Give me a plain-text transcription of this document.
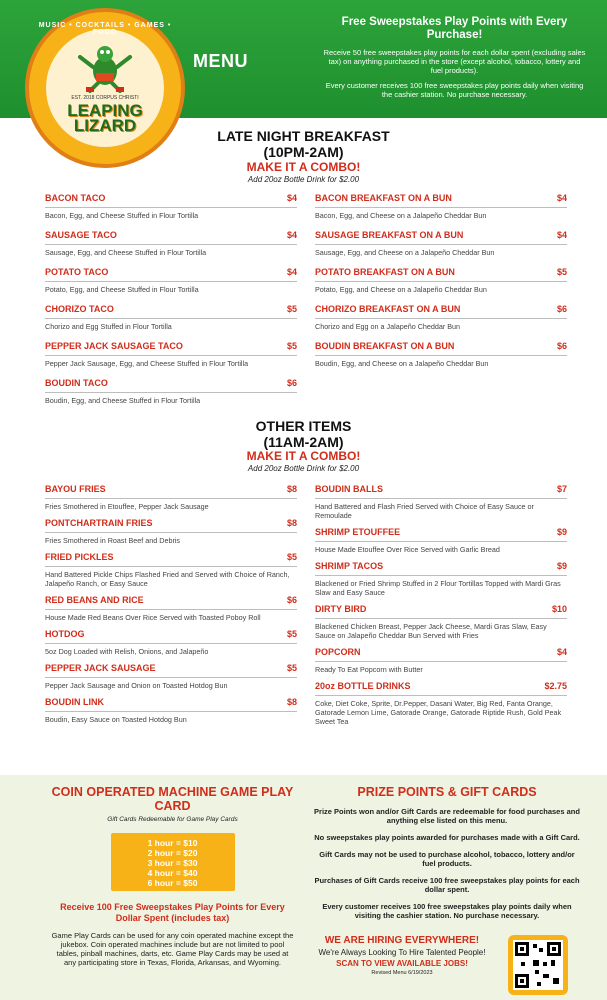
MENU
Free Sweepstakes Play Points with Every Purchase!

Receive 50 free sweepstakes play points for each dollar spent (excluding sales tax) on anything purchased in the store (except alcohol, tobacco, lottery and fuel products).

Every customer receives 100 free sweepstakes play points daily when visiting the cashier station. No purchase necessary.

MUSIC • COCKTAILS • GAMES • FOOD
EST. 2018 CORPUS CHRISTI
LEAPING
LIZARD
LATE NIGHT BREAKFAST
(10PM-2AM)
MAKE IT A COMBO!
Add 20oz Bottle Drink for $2.00
BACON TACO	$4
Bacon, Egg, and Cheese Stuffed in Flour Tortilla
SAUSAGE TACO	$4
Sausage, Egg, and Cheese Stuffed in Flour Tortilla
POTATO TACO	$4
Potato, Egg, and Cheese Stuffed in Flour Tortilla
CHORIZO TACO	$5
Chorizo and Egg Stuffed in Flour Tortilla
PEPPER JACK SAUSAGE TACO	$5
Pepper Jack Sausage, Egg, and Cheese Stuffed in Flour Tortilla
BOUDIN TACO	$6
Boudin, Egg, and Cheese Stuffed in Flour Tortilla
BACON BREAKFAST ON A BUN	$4
Bacon, Egg, and Cheese on a Jalapeño Cheddar Bun
SAUSAGE BREAKFAST ON A BUN	$4
Sausage, Egg, and Cheese on a Jalapeño Cheddar Bun
POTATO BREAKFAST ON A BUN	$5
Potato, Egg, and Cheese on a Jalapeño Cheddar Bun
CHORIZO BREAKFAST ON A BUN	$6
Chorizo and Egg on a Jalapeño Cheddar Bun
BOUDIN BREAKFAST ON A BUN	$6
Boudin, Egg, and Cheese on a Jalapeño Cheddar Bun
OTHER ITEMS
(11AM-2AM)
MAKE IT A COMBO!
Add 20oz Bottle Drink for $2.00
BAYOU FRIES	$8
Fries Smothered in Etouffee, Pepper Jack Sausage
PONTCHARTRAIN FRIES	$8
Fries Smothered in Roast Beef and Debris
FRIED PICKLES	$5
Hand Battered Pickle Chips Flashed Fried and Served with Choice of Ranch, Jalapeño Ranch, or Easy Sauce
RED BEANS AND RICE	$6
House Made Red Beans Over Rice Served with Toasted Poboy Roll
HOTDOG	$5
5oz Dog Loaded with Relish, Onions, and Jalapeño
PEPPER JACK SAUSAGE	$5
Pepper Jack Sausage and Onion on Toasted Hotdog Bun
BOUDIN LINK	$8
Boudin, Easy Sauce on Toasted Hotdog Bun
BOUDIN BALLS	$7
Hand Battered and Flash Fried Served with Choice of Easy Sauce or Remoulade
SHRIMP ETOUFFEE	$9
House Made Etouffee Over Rice Served with Garlic Bread
SHRIMP TACOS	$9
Blackened or Fried Shrimp Stuffed in 2 Flour Tortillas Topped with Mardi Gras Slaw and Easy Sauce
DIRTY BIRD	$10
Blackened Chicken Breast, Pepper Jack Cheese, Mardi Gras Slaw, Easy Sauce on Jalapeño Cheddar Bun Served with Fries
POPCORN	$4
Ready To Eat Popcorn with Butter
20oz BOTTLE DRINKS	$2.75
Coke, Diet Coke, Sprite, Dr.Pepper, Dasani Water, Big Red, Fanta Orange, Gatorade Lemon Lime, Gatorade Orange, Gatorade Riptide Rush, Gold Peak Sweet Tea
COIN OPERATED MACHINE GAME PLAY CARD
Gift Cards Redeemable for Game Play Cards
1 hour = $10
2 hour = $20
3 hour = $30
4 hour = $40
6 hour = $50
Receive 100 Free Sweepstakes Play Points for Every Dollar Spent (includes tax)
Game Play Cards can be used for any coin operated machine except the jukebox. Coin operated machines include but are not limited to pool tables, pinball machines, darts, etc. Game Play Cards may be used at any participating store in Texas, Florida, Arkansas, and Wyoming.
PRIZE POINTS & GIFT CARDS

Prize Points won and/or Gift Cards are redeemable for food purchases and anything else listed on this menu.

No sweepstakes play points awarded for purchases made with a Gift Card.

Gift Cards may not be used to purchase alcohol, tobacco, lottery and/or fuel products.

Purchases of Gift Cards receive 100 free sweepstakes play points for each dollar spent.

Every customer receives 100 free sweepstakes play points daily when visiting the cashier station. No purchase necessary.

WE ARE HIRING EVERYWHERE!
We're Always Looking To Hire Talented People!
SCAN TO VIEW AVAILABLE JOBS!
Revised Menu 6/19/2023
